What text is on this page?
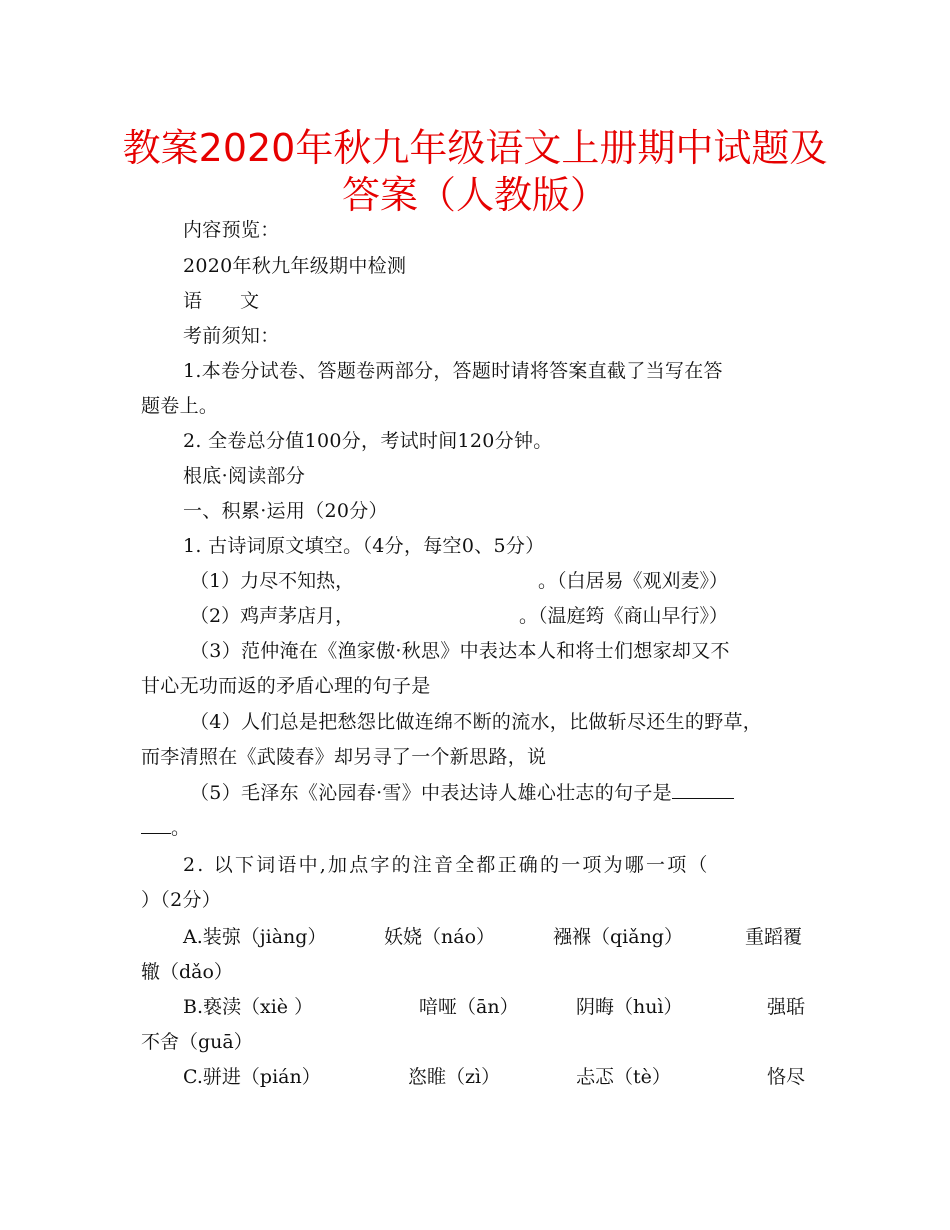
教案2020年秋九年级语文上册期中试题及
答案（人教版）
内容预览：
2020年秋九年级期中检测
语 文
考前须知：
1.本卷分试卷、答题卷两部分，答题时请将答案直截了当写在答
题卷上。
2. 全卷总分值100分，考试时间120分钟。
根底·阅读部分
一、积累·运用（20分）
1. 古诗词原文填空。（4分，每空0、5分）
（1）力尽不知热，	。（白居易《观刈麦》）
（2）鸡声茅店月，	。（温庭筠《商山早行》）
（3）范仲淹在《渔家傲·秋思》中表达本人和将士们想家却又不
甘心无功而返的矛盾心理的句子是
（4）人们总是把愁怨比做连绵不断的流水，比做斩尽还生的野草，
而李清照在《武陵春》却另寻了一个新思路，说
（5）毛泽东《沁园春·雪》中表达诗人雄心壮志的句子是
。
2. 以下词语中,加点字的注音全都正确的一项为哪一项（
）（2分）
A.装弶（jiàng）	妖娆（náo）	襁褓（qiǎng）	重蹈覆
辙（dǎo）
B.亵渎（xiè ）	喑哑（ān）	阴晦（huì）	强聒
不舍（guā）
C.骈进（pián）	恣睢（zì）	忐忑（tè）	恪尽
